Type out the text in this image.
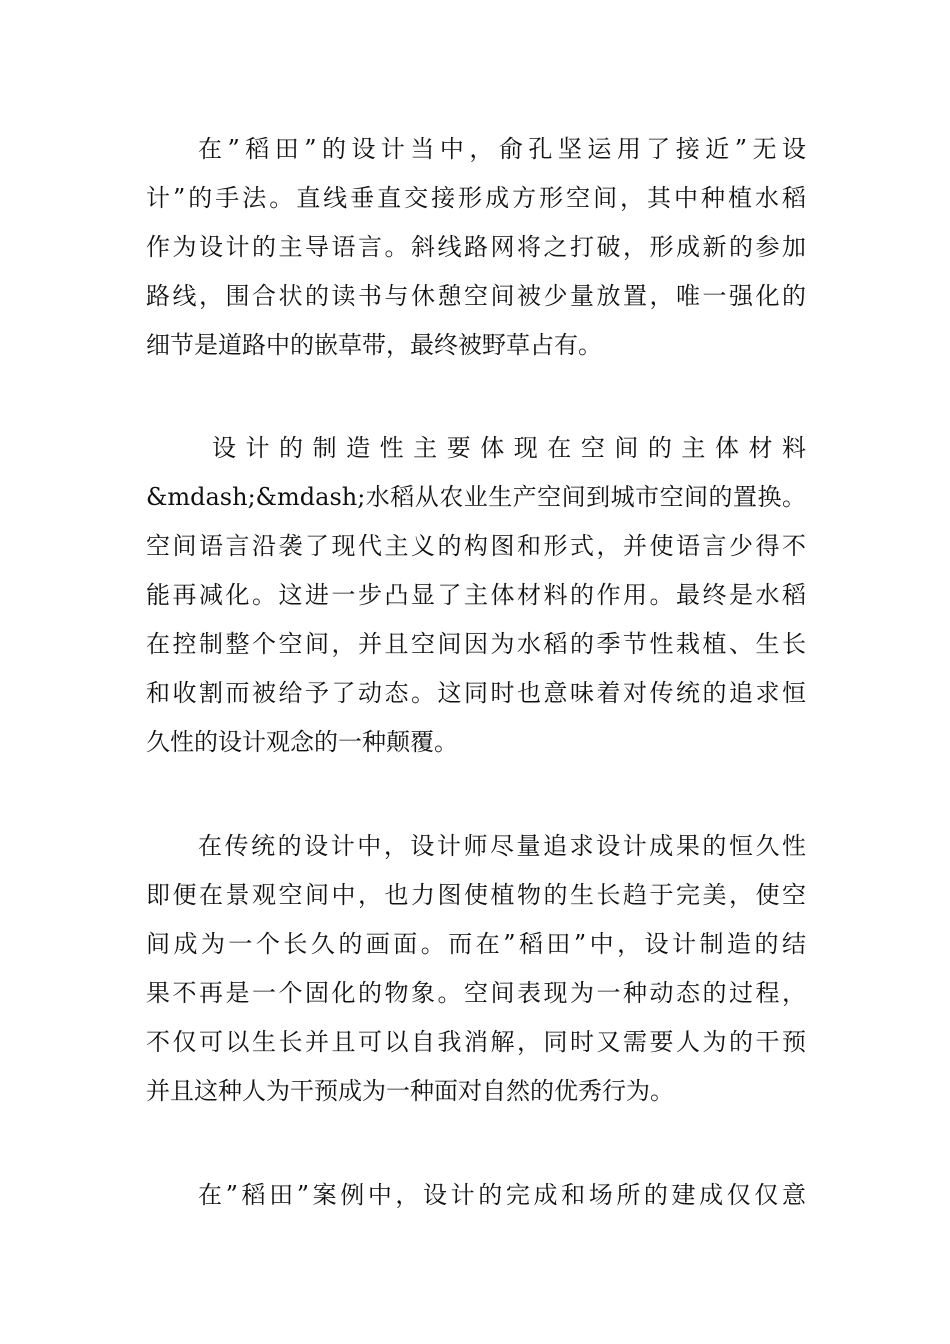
在”稻田”的设计当中，俞孔坚运用了接近”无设
计”的手法。直线垂直交接形成方形空间，其中种植水稻
作为设计的主导语言。斜线路网将之打破，形成新的参加
路线，围合状的读书与休憩空间被少量放置，唯一强化的
细节是道路中的嵌草带，最终被野草占有。
设计的制造性主要体现在空间的主体材料
&mdash;&mdash;水稻从农业生产空间到城市空间的置换。
空间语言沿袭了现代主义的构图和形式，并使语言少得不
能再减化。这进一步凸显了主体材料的作用。最终是水稻
在控制整个空间，并且空间因为水稻的季节性栽植、生长
和收割而被给予了动态。这同时也意味着对传统的追求恒
久性的设计观念的一种颠覆。
在传统的设计中，设计师尽量追求设计成果的恒久性
即便在景观空间中，也力图使植物的生长趋于完美，使空
间成为一个长久的画面。而在”稻田”中，设计制造的结
果不再是一个固化的物象。空间表现为一种动态的过程，
不仅可以生长并且可以自我消解，同时又需要人为的干预
并且这种人为干预成为一种面对自然的优秀行为。
在”稻田”案例中，设计的完成和场所的建成仅仅意
